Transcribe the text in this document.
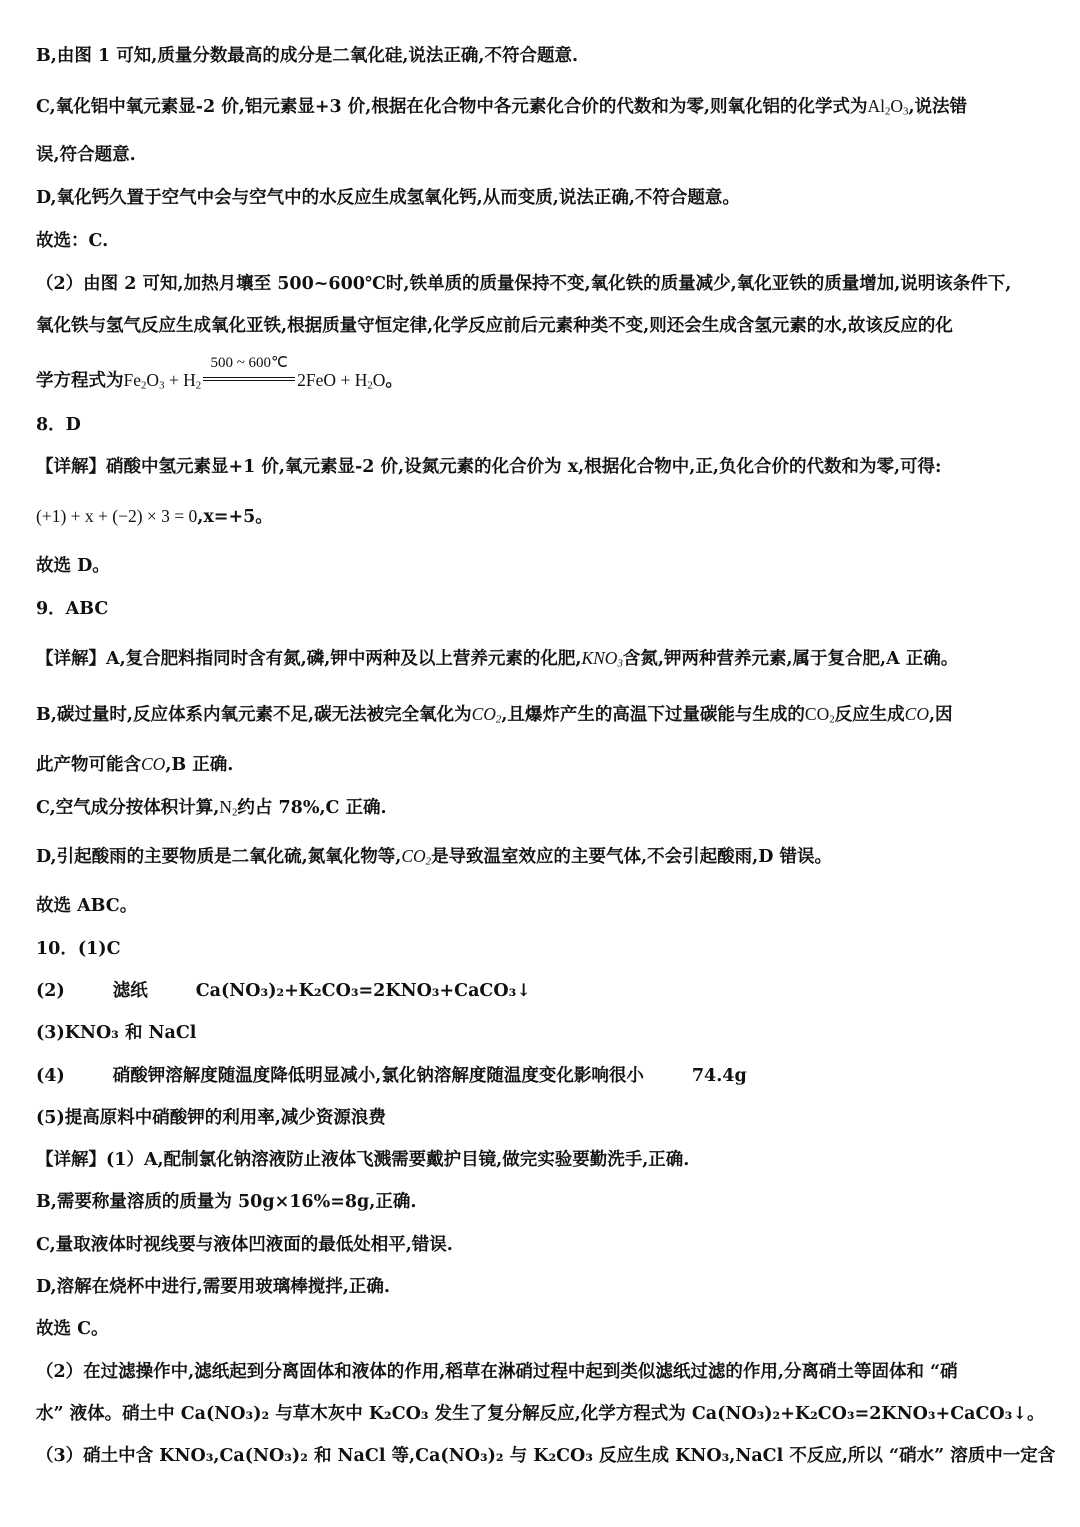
B,由图 1 可知,质量分数最高的成分是二氧化硅,说法正确,不符合题意.
C,氧化铝中氧元素显-2 价,铝元素显+3 价,根据在化合物中各元素化合价的代数和为零,则氧化铝的化学式为$Al_2O_3$,说法错
误,符合题意.
D,氧化钙久置于空气中会与空气中的水反应生成氢氧化钙,从而变质,说法正确,不符合题意。
故选：C.
（2）由图 2 可知,加热月壤至 500~600℃时,铁单质的质量保持不变,氧化铁的质量减少,氧化亚铁的质量增加,说明该条件下,
氧化铁与氢气反应生成氧化亚铁,根据质量守恒定律,化学反应前后元素种类不变,则还会生成含氢元素的水,故该反应的化
学方程式为$Fe_2O_3 + H_2$
500 ~ 600℃
$2FeO + H_2O$。
8．D
【详解】硝酸中氢元素显+1 价,氧元素显-2 价,设氮元素的化合价为 x,根据化合物中,正,负化合价的代数和为零,可得:
(+1) + x + (−2) × 3 = 0,x=+5。
故选 D。
9．ABC
【详解】A,复合肥料指同时含有氮,磷,钾中两种及以上营养元素的化肥$,KNO_3$含氮,钾两种营养元素,属于复合肥,A 正确。
B,碳过量时,反应体系内氧元素不足,碳无法被完全氧化为$CO_2$,且爆炸产生的高温下过量碳能与生成的$CO_2$反应生成CO,因
此产物可能含CO,B 正确.
C,空气成分按体积计算$,N_2$约占 78%,C 正确.
D,引起酸雨的主要物质是二氧化硫,氮氧化物等$,CO_2$是导致温室效应的主要气体,不会引起酸雨,D 错误。
故选 ABC。
10．(1)C
(2)	滤纸	Ca(NO₃)₂+K₂CO₃=2KNO₃+CaCO₃↓
(3)KNO₃ 和 NaCl
(4)	硝酸钾溶解度随温度降低明显减小,氯化钠溶解度随温度变化影响很小	74.4g
(5)提高原料中硝酸钾的利用率,减少资源浪费
【详解】(1）A,配制氯化钠溶液防止液体飞溅需要戴护目镜,做完实验要勤洗手,正确.
B,需要称量溶质的质量为 50g×16%=8g,正确.
C,量取液体时视线要与液体凹液面的最低处相平,错误.
D,溶解在烧杯中进行,需要用玻璃棒搅拌,正确.
故选 C。
（2）在过滤操作中,滤纸起到分离固体和液体的作用,稻草在淋硝过程中起到类似滤纸过滤的作用,分离硝土等固体和 “硝
水” 液体。硝土中 Ca(NO₃)₂ 与草木灰中 K₂CO₃ 发生了复分解反应,化学方程式为 Ca(NO₃)₂+K₂CO₃=2KNO₃+CaCO₃↓。
（3）硝土中含 KNO₃,Ca(NO₃)₂ 和 NaCl 等,Ca(NO₃)₂ 与 K₂CO₃ 反应生成 KNO₃,NaCl 不反应,所以 “硝水” 溶质中一定含
